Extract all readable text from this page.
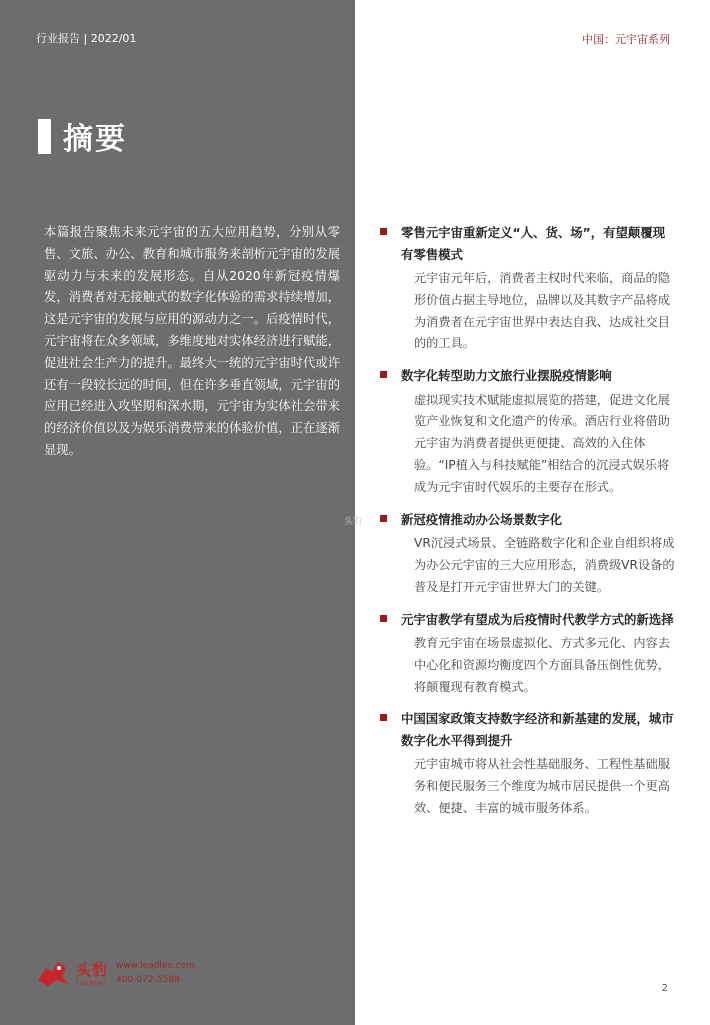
行业报告 | 2022/01	中国：元宇宙系列
摘要
本篇报告聚焦未来元宇宙的五大应用趋势，分别从零售、文旅、办公、教育和城市服务来剖析元宇宙的发展驱动力与未来的发展形态。自从2020年新冠疫情爆发，消费者对无接触式的数字化体验的需求持续增加，这是元宇宙的发展与应用的源动力之一。后疫情时代，元宇宙将在众多领域，多维度地对实体经济进行赋能，促进社会生产力的提升。最终大一统的元宇宙时代或许还有一段较长远的时间，但在许多垂直领域，元宇宙的应用已经进入攻坚期和深水期，元宇宙为实体社会带来的经济价值以及为娱乐消费带来的体验价值，正在逐渐显现。
头豹
零售元宇宙重新定义“人、货、场”，有望颠覆现有零售模式
元宇宙元年后，消费者主权时代来临，商品的隐形价值占据主导地位，品牌以及其数字产品将成为消费者在元宇宙世界中表达自我、达成社交目的的工具。
数字化转型助力文旅行业摆脱疫情影响
虚拟现实技术赋能虚拟展览的搭建，促进文化展览产业恢复和文化遗产的传承。酒店行业将借助元宇宙为消费者提供更便捷、高效的入住体验。“IP植入与科技赋能”相结合的沉浸式娱乐将成为元宇宙时代娱乐的主要存在形式。
新冠疫情推动办公场景数字化
VR沉浸式场景、全链路数字化和企业自组织将成为办公元宇宙的三大应用形态，消费级VR设备的普及是打开元宇宙世界大门的关键。
元宇宙教学有望成为后疫情时代教学方式的新选择
教育元宇宙在场景虚拟化、方式多元化、内容去中心化和资源均衡度四个方面具备压倒性优势，将颠覆现有教育模式。
中国国家政策支持数字经济和新基建的发展，城市数字化水平得到提升
元宇宙城市将从社会性基础服务、工程性基础服务和便民服务三个维度为城市居民提供一个更高效、便捷、丰富的城市服务体系。
头豹
Leadleo
www.leadleo.com
400-072-5588
2
